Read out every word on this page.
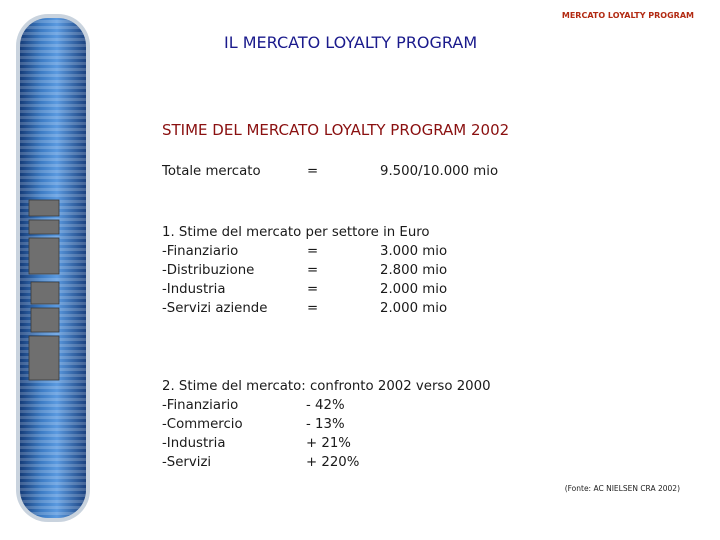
MERCATO LOYALTY PROGRAM
IL MERCATO LOYALTY PROGRAM
STIME DEL MERCATO LOYALTY PROGRAM 2002
Totale mercato	=	9.500/10.000 mio
1. Stime del mercato per settore in Euro
-Finanziario	=	3.000 mio
-Distribuzione	=	2.800 mio
-Industria	=	2.000 mio
-Servizi aziende	=	2.000 mio
2. Stime del mercato: confronto 2002 verso 2000
-Finanziario	- 42%
-Commercio	- 13%
-Industria	+ 21%
-Servizi	+ 220%
(Fonte: AC NIELSEN CRA 2002)
